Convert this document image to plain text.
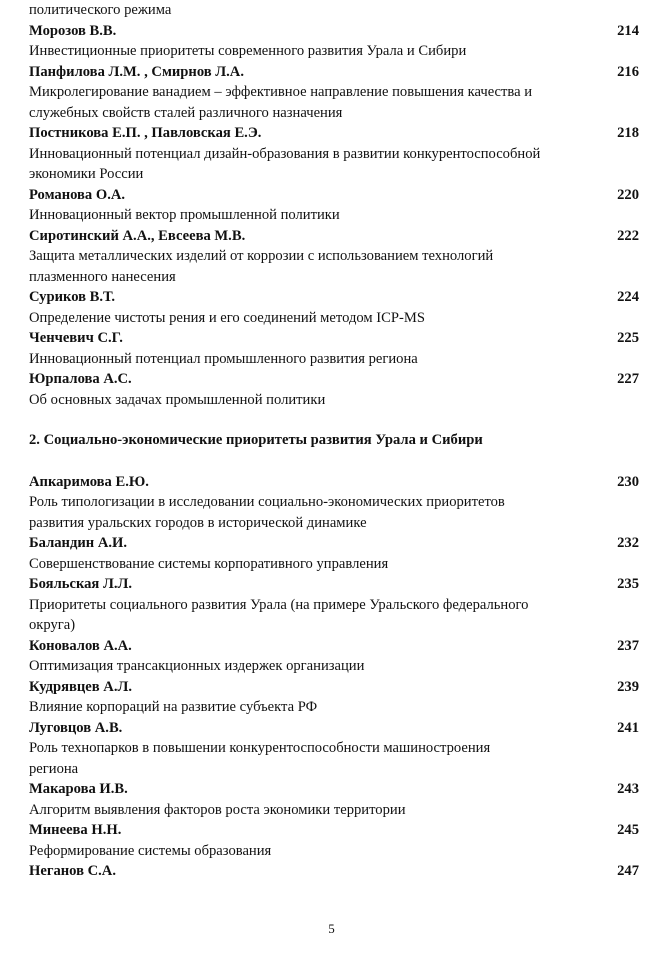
политического режима
Морозов В.В.	214
Инвестиционные приоритеты современного развития Урала и Сибири
Панфилова Л.М. , Смирнов Л.А.	216
Микролегирование ванадием – эффективное направление повышения качества и
служебных свойств сталей различного назначения
Постникова Е.П. , Павловская Е.Э.	218
Инновационный потенциал дизайн-образования в развитии конкурентоспособной
экономики России
Романова О.А.	220
Инновационный вектор промышленной политики
Сиротинский А.А., Евсеева М.В.	222
Защита металлических изделий от коррозии с использованием технологий
плазменного нанесения
Суриков В.Т.	224
Определение чистоты рения и его соединений методом ICP-MS
Ченчевич С.Г.	225
Инновационный потенциал промышленного развития региона
Юрпалова А.С.	227
Об основных задачах промышленной политики
2. Социально-экономические приоритеты развития Урала и Сибири
Апкаримова Е.Ю.	230
Роль типологизации в исследовании социально-экономических приоритетов
развития уральских городов в исторической динамике
Баландин А.И.	232
Совершенствование системы корпоративного управления
Бояльская Л.Л.	235
Приоритеты социального развития Урала (на примере Уральского федерального
округа)
Коновалов А.А.	237
Оптимизация трансакционных издержек организации
Кудрявцев А.Л.	239
Влияние корпораций на развитие субъекта РФ
Луговцов А.В.	241
Роль технопарков в повышении конкурентоспособности машиностроения
региона
Макарова И.В.	243
Алгоритм выявления факторов роста экономики территории
Минеева Н.Н.	245
Реформирование системы образования
Неганов С.А.	247
5
